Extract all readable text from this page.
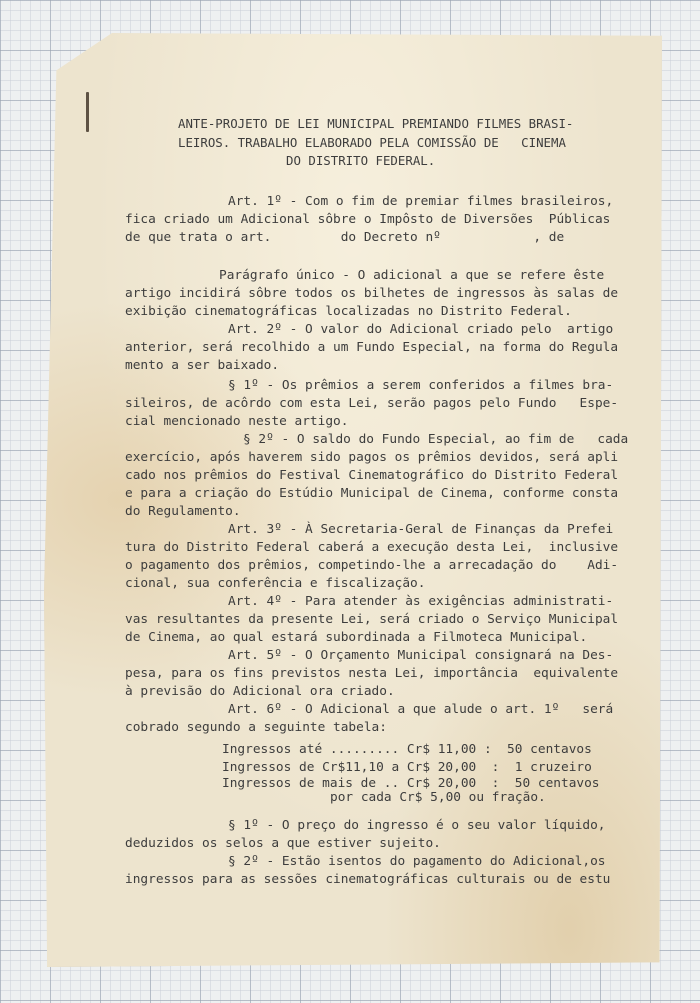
ANTE-PROJETO DE LEI MUNICIPAL PREMIANDO FILMES BRASI-

LEIROS. TRABALHO ELABORADO PELA COMISSÃO DE   CINEMA

DO DISTRITO FEDERAL.

Art. 1º - Com o fim de premiar filmes brasileiros,

fica criado um Adicional sôbre o Impôsto de Diversões  Públicas

de que trata o art.         do Decreto nº            , de

Parágrafo único - O adicional a que se refere êste

artigo incidirá sôbre todos os bilhetes de ingressos às salas de

exibição cinematográficas localizadas no Distrito Federal.

Art. 2º - O valor do Adicional criado pelo  artigo

anterior, será recolhido a um Fundo Especial, na forma do Regula

mento a ser baixado.

§ 1º - Os prêmios a serem conferidos a filmes bra-

sileiros, de acôrdo com esta Lei, serão pagos pelo Fundo   Espe-

cial mencionado neste artigo.

§ 2º - O saldo do Fundo Especial, ao fim de   cada

exercício, após haverem sido pagos os prêmios devidos, será apli

cado nos prêmios do Festival Cinematográfico do Distrito Federal

e para a criação do Estúdio Municipal de Cinema, conforme consta

do Regulamento.

Art. 3º - À Secretaria-Geral de Finanças da Prefei

tura do Distrito Federal caberá a execução desta Lei,  inclusive

o pagamento dos prêmios, competindo-lhe a arrecadação do    Adi-

cional, sua conferência e fiscalização.

Art. 4º - Para atender às exigências administrati-

vas resultantes da presente Lei, será criado o Serviço Municipal

de Cinema, ao qual estará subordinada a Filmoteca Municipal.

Art. 5º - O Orçamento Municipal consignará na Des-

pesa, para os fins previstos nesta Lei, importância  equivalente

à previsão do Adicional ora criado.

Art. 6º - O Adicional a que alude o art. 1º   será

cobrado segundo a seguinte tabela:

Ingressos até ......... Cr$ 11,00 :  50 centavos

Ingressos de Cr$11,10 a Cr$ 20,00  :  1 cruzeiro

Ingressos de mais de .. Cr$ 20,00  :  50 centavos

por cada Cr$ 5,00 ou fração.

§ 1º - O preço do ingresso é o seu valor líquido,

deduzidos os selos a que estiver sujeito.

§ 2º - Estão isentos do pagamento do Adicional,os

ingressos para as sessões cinematográficas culturais ou de estu
